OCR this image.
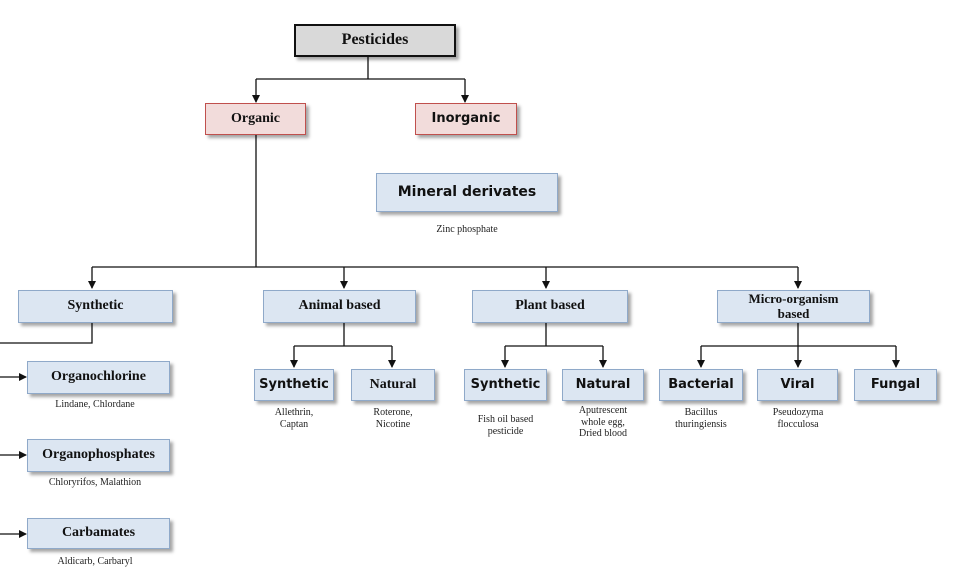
Pesticides
Organic	Inorganic
Mineral derivates
Zinc phosphate
Synthetic	Animal based	Plant based
Micro-organism
based
Organochlorine
Lindane, Chlordane
Organophosphates
Chloryrifos, Malathion
Carbamates
Aldicarb, Carbaryl
Synthetic
Allethrin,
Captan
Natural
Roterone,
Nicotine
Synthetic
Fish oil based
pesticide
Natural
Aputrescent
whole egg,
Dried blood
Bacterial
Bacillus
thuringiensis
Viral
Pseudozyma
flocculosa
Fungal
